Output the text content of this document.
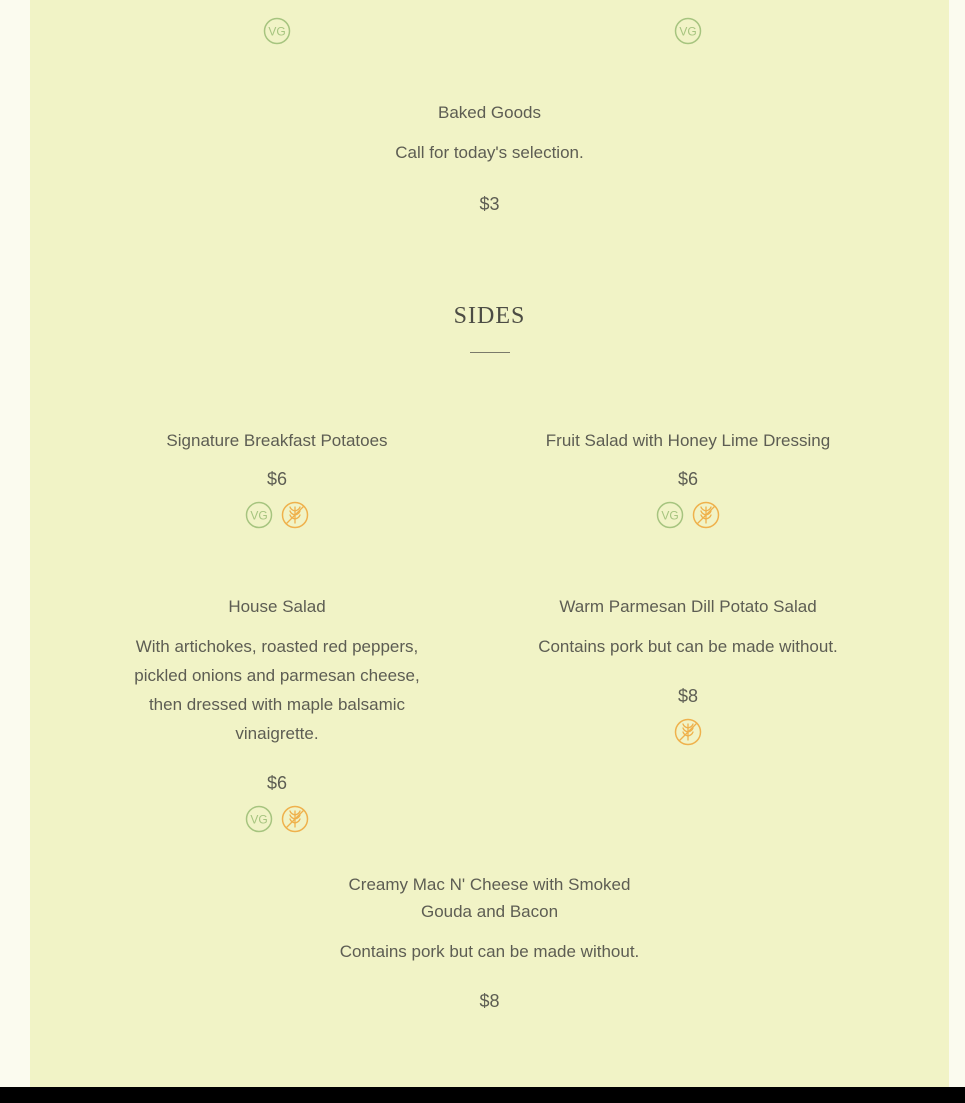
VG	VG
Baked Goods
Call for today's selection.
$3
SIDES
Signature Breakfast Potatoes
$6
VG
Fruit Salad with Honey Lime Dressing
$6
VG
House Salad
With artichokes, roasted red peppers, pickled onions and parmesan cheese, then dressed with maple balsamic vinaigrette.
$6
VG
Warm Parmesan Dill Potato Salad
Contains pork but can be made without.
$8
Creamy Mac N' Cheese with Smoked Gouda and Bacon
Contains pork but can be made without.
$8
